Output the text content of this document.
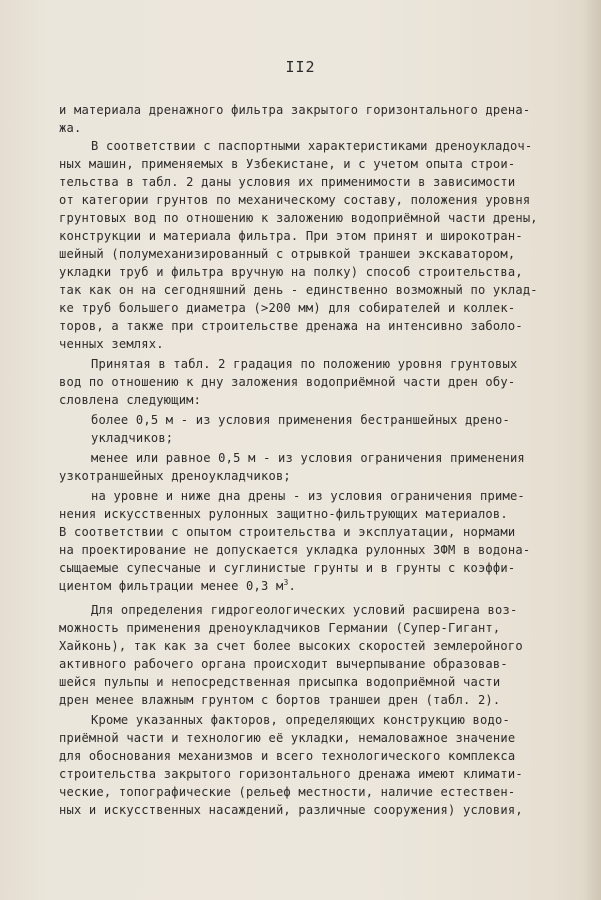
II2
и материала дренажного фильтра закрытого горизонтального дрена-
жа.
В соответствии с паспортными характеристиками дреноукладоч-
ных машин, применяемых в Узбекистане, и с учетом опыта строи-
тельства в табл. 2 даны условия их применимости в зависимости
от категории грунтов по механическому составу, положения уровня
грунтовых вод по отношению к заложению водоприёмной части дрены,
конструкции и материала фильтра. При этом принят и широкотран-
шейный (полумеханизированный с отрывкой траншеи экскаватором,
укладки труб и фильтра вручную на полку) способ строительства,
так как он на сегодняшний день - единственно возможный по уклад-
ке труб большего диаметра (>200 мм) для собирателей и коллек-
торов, а также при строительстве дренажа на интенсивно заболо-
ченных землях.
Принятая в табл. 2 градация по положению уровня грунтовых
вод по отношению к дну заложения водоприёмной части дрен обу-
словлена следующим:
более 0,5 м - из условия применения бестраншейных дрено-
укладчиков;
менее или равное 0,5 м - из условия ограничения применения
узкотраншейных дреноукладчиков;
на уровне и ниже дна дрены - из условия ограничения приме-
нения искусственных рулонных защитно-фильтрующих материалов.
В соответствии с опытом строительства и эксплуатации, нормами
на проектирование не допускается укладка рулонных ЗФМ в водона-
сыщаемые супесчаные и суглинистые грунты и в грунты с коэффи-
циентом фильтрации менее 0,3 $м^3$.
Для определения гидрогеологических условий расширена воз-
можность применения дреноукладчиков Германии (Супер-Гигант,
Хайконь), так как за счет более высоких скоростей землеройного
активного рабочего органа происходит вычерпывание образовав-
шейся пульпы и непосредственная присыпка водоприёмной части
дрен менее влажным грунтом с бортов траншеи дрен (табл. 2).
Кроме указанных факторов, определяющих конструкцию водо-
приёмной части и технологию её укладки, немаловажное значение
для обоснования механизмов и всего технологического комплекса
строительства закрытого горизонтального дренажа имеют климати-
ческие, топографические (рельеф местности, наличие естествен-
ных и искусственных насаждений, различные сооружения) условия,
